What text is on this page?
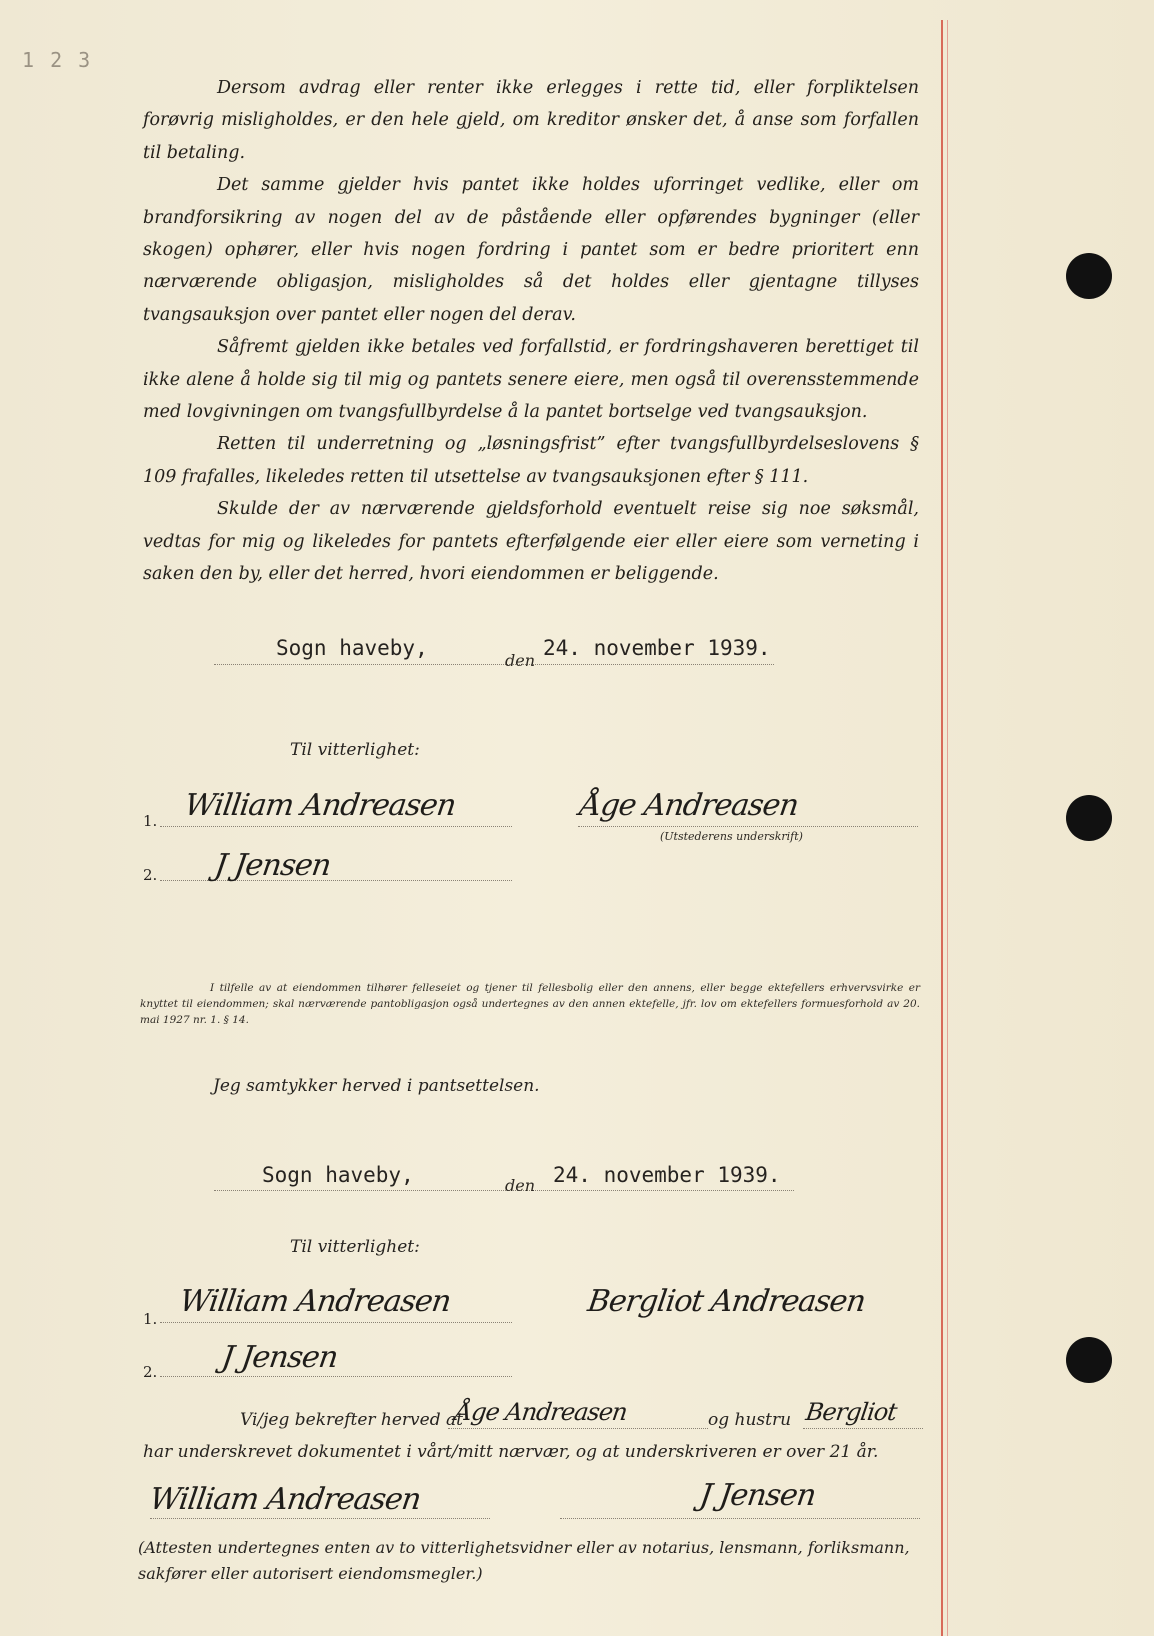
1 2 3

Dersom avdrag eller renter ikke erlegges i rette tid, eller forpliktelsen forøvrig misligholdes, er den hele gjeld, om kreditor ønsker det, å anse som forfallen til betaling.

Det samme gjelder hvis pantet ikke holdes uforringet vedlike, eller om brandforsikring av nogen del av de påstående eller opførendes bygninger (eller skogen) ophører, eller hvis nogen fordring i pantet som er bedre prioritert enn nærværende obligasjon, misligholdes så det holdes eller gjentagne tillyses tvangsauksjon over pantet eller nogen del derav.

Såfremt gjelden ikke betales ved forfallstid, er fordringshaveren berettiget til ikke alene å holde sig til mig og pantets senere eiere, men også til overensstemmende med lovgivningen om tvangsfullbyrdelse å la pantet bortselge ved tvangsauksjon.

Retten til underretning og „løsningsfrist” efter tvangsfullbyrdelseslovens § 109 frafalles, likeledes retten til utsettelse av tvangsauksjonen efter § 111.

Skulde der av nærværende gjeldsforhold eventuelt reise sig noe søksmål, vedtas for mig og likeledes for pantets efterfølgende eier eller eiere som verneting i saken den by, eller det herred, hvori eiendommen er beliggende.

Sogn haveby,
den
24. november 1939.
Til vitterlighet:
1. William Andreasen	Åge Andreasen
(Utstederens underskrift)
2. J Jensen

I tilfelle av at eiendommen tilhører felleseiet og tjener til fellesbolig eller den annens, eller begge ektefellers erhvervsvirke er knyttet til eiendommen; skal nærværende pantobligasjon også undertegnes av den annen ektefelle, jfr. lov om ektefellers formuesforhold av 20. mai 1927 nr. 1. § 14.

Jeg samtykker herved i pantsettelsen.
Sogn haveby,	den 24. november 1939.
Til vitterlighet:
1. William Andreasen	Bergliot Andreasen
2. J Jensen
Vi/jeg bekrefter herved at
Åge Andreasen	og hustru Bergliot
har underskrevet dokumentet i vårt/mitt nærvær, og at underskriveren er over 21 år.
William Andreasen	J Jensen

(Attesten undertegnes enten av to vitterlighetsvidner eller av notarius, lensmann, forliksmann, sakfører eller autorisert eiendomsmegler.)
